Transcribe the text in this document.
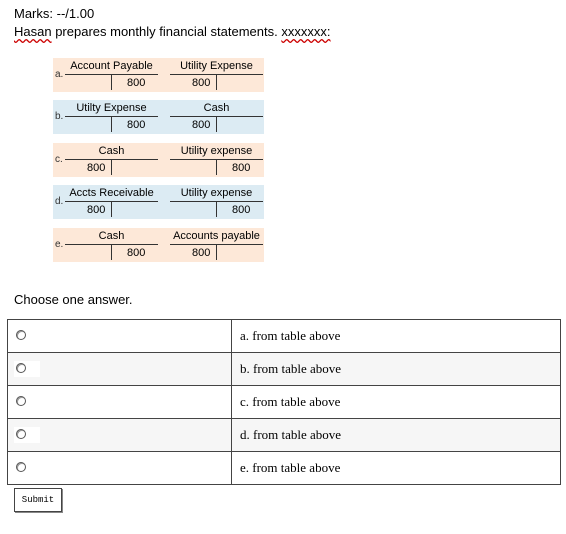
Marks: --/1.00
Hasan prepares monthly financial statements. xxxxxxx:
a.
Account Payable
800
Utility Expense
800
b.
Utilty Expense
800
Cash
800
c.
Cash
800
Utility expense
800
d.
Accts Receivable
800
Utility expense
800
e.
Cash
800
Accounts payable
800
Choose one answer.
	a. from table above

	b. from table above

	c. from table above

	d. from table above

	e. from table above
Submit
